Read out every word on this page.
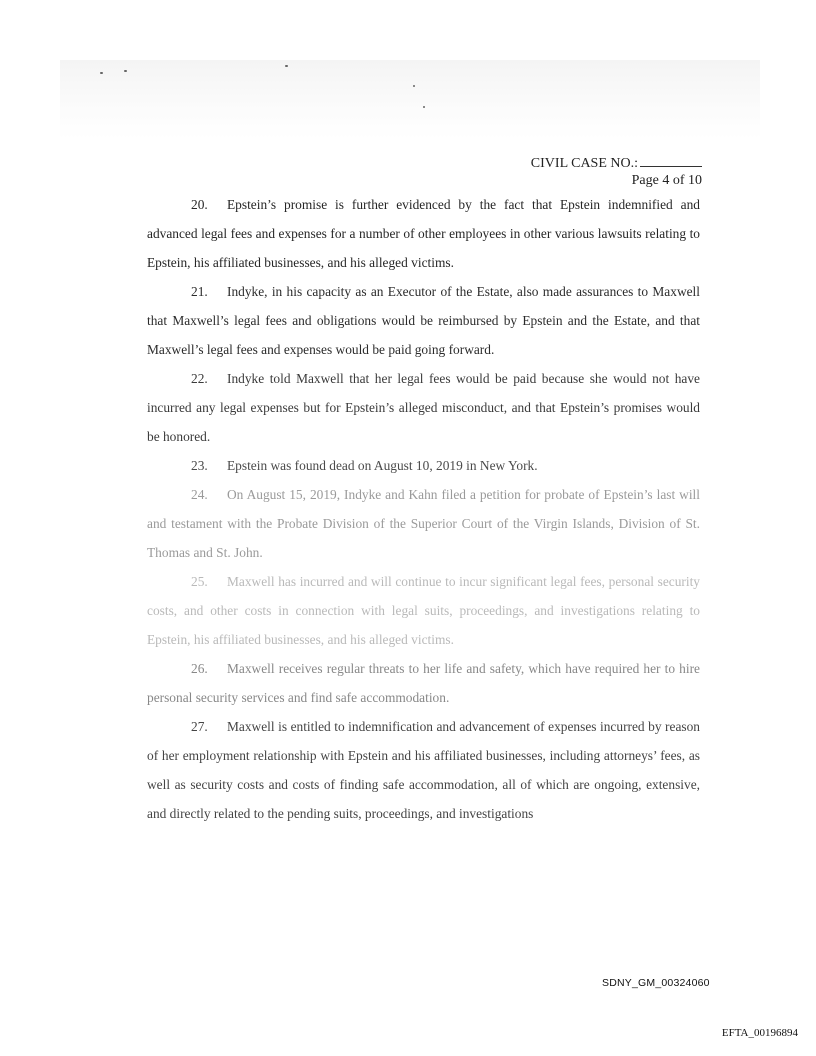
CIVIL CASE NO.:
Page 4 of 10

20. Epstein’s promise is further evidenced by the fact that Epstein indemnified and advanced legal fees and expenses for a number of other employees in other various lawsuits relating to Epstein, his affiliated businesses, and his alleged victims.

21. Indyke, in his capacity as an Executor of the Estate, also made assurances to Maxwell that Maxwell’s legal fees and obligations would be reimbursed by Epstein and the Estate, and that Maxwell’s legal fees and expenses would be paid going forward.

22. Indyke told Maxwell that her legal fees would be paid because she would not have incurred any legal expenses but for Epstein’s alleged misconduct, and that Epstein’s promises would be honored.

23. Epstein was found dead on August 10, 2019 in New York.

24. On August 15, 2019, Indyke and Kahn filed a petition for probate of Epstein’s last will and testament with the Probate Division of the Superior Court of the Virgin Islands, Division of St. Thomas and St. John.

25. Maxwell has incurred and will continue to incur significant legal fees, personal security costs, and other costs in connection with legal suits, proceedings, and investigations relating to Epstein, his affiliated businesses, and his alleged victims.

26. Maxwell receives regular threats to her life and safety, which have required her to hire personal security services and find safe accommodation.

27. Maxwell is entitled to indemnification and advancement of expenses incurred by reason of her employment relationship with Epstein and his affiliated businesses, including attorneys’ fees, as well as security costs and costs of finding safe accommodation, all of which are ongoing, extensive, and directly related to the pending suits, proceedings, and investigations

SDNY_GM_00324060
EFTA_00196894
